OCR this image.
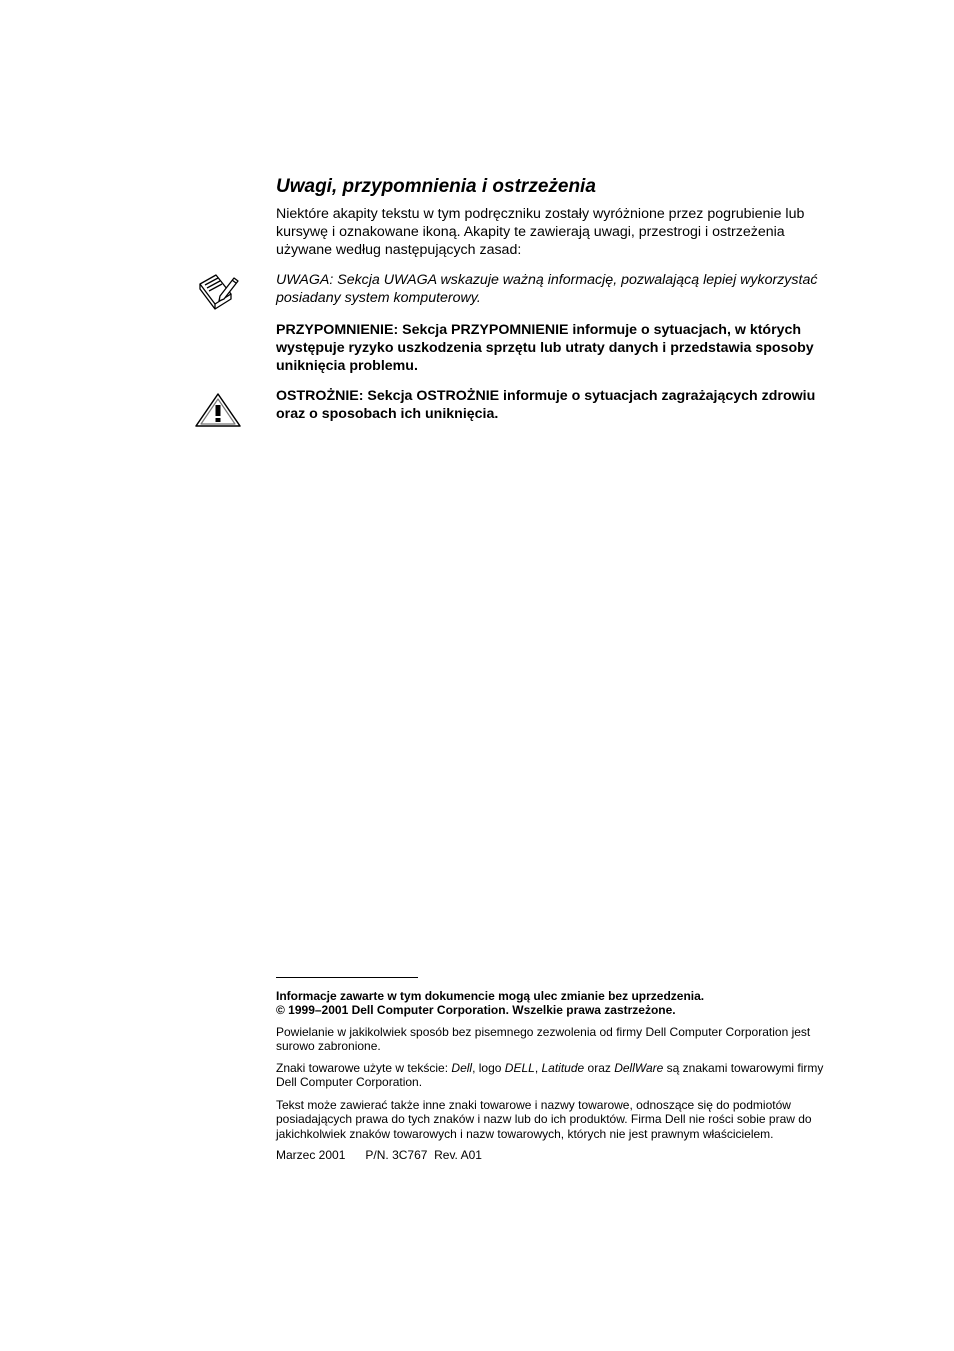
Uwagi, przypomnienia i ostrzeżenia
Niektóre akapity tekstu w tym podręczniku zostały wyróżnione przez pogrubienie lub kursywę i oznakowane ikoną. Akapity te zawierają uwagi, przestrogi i ostrzeżenia używane według następujących zasad:
UWAGA: Sekcja UWAGA wskazuje ważną informację, pozwalającą lepiej wykorzystać posiadany system komputerowy.
PRZYPOMNIENIE: Sekcja PRZYPOMNIENIE informuje o sytuacjach, w których występuje ryzyko uszkodzenia sprzętu lub utraty danych i przedstawia sposoby uniknięcia problemu.
OSTROŻNIE: Sekcja OSTROŻNIE informuje o sytuacjach zagrażających zdrowiu oraz o sposobach ich uniknięcia.
Informacje zawarte w tym dokumencie mogą ulec zmianie bez uprzedzenia.
© 1999–2001 Dell Computer Corporation. Wszelkie prawa zastrzeżone.
Powielanie w jakikolwiek sposób bez pisemnego zezwolenia od firmy Dell Computer Corporation jest surowo zabronione.
Znaki towarowe użyte w tekście: Dell, logo DELL, Latitude oraz DellWare są znakami towarowymi firmy Dell Computer Corporation.
Tekst może zawierać także inne znaki towarowe i nazwy towarowe, odnoszące się do podmiotów posiadających prawa do tych znaków i nazw lub do ich produktów. Firma Dell nie rości sobie praw do jakichkolwiek znaków towarowych i nazw towarowych, których nie jest prawnym właścicielem.
Marzec 2001 P/N. 3C767 Rev. A01
